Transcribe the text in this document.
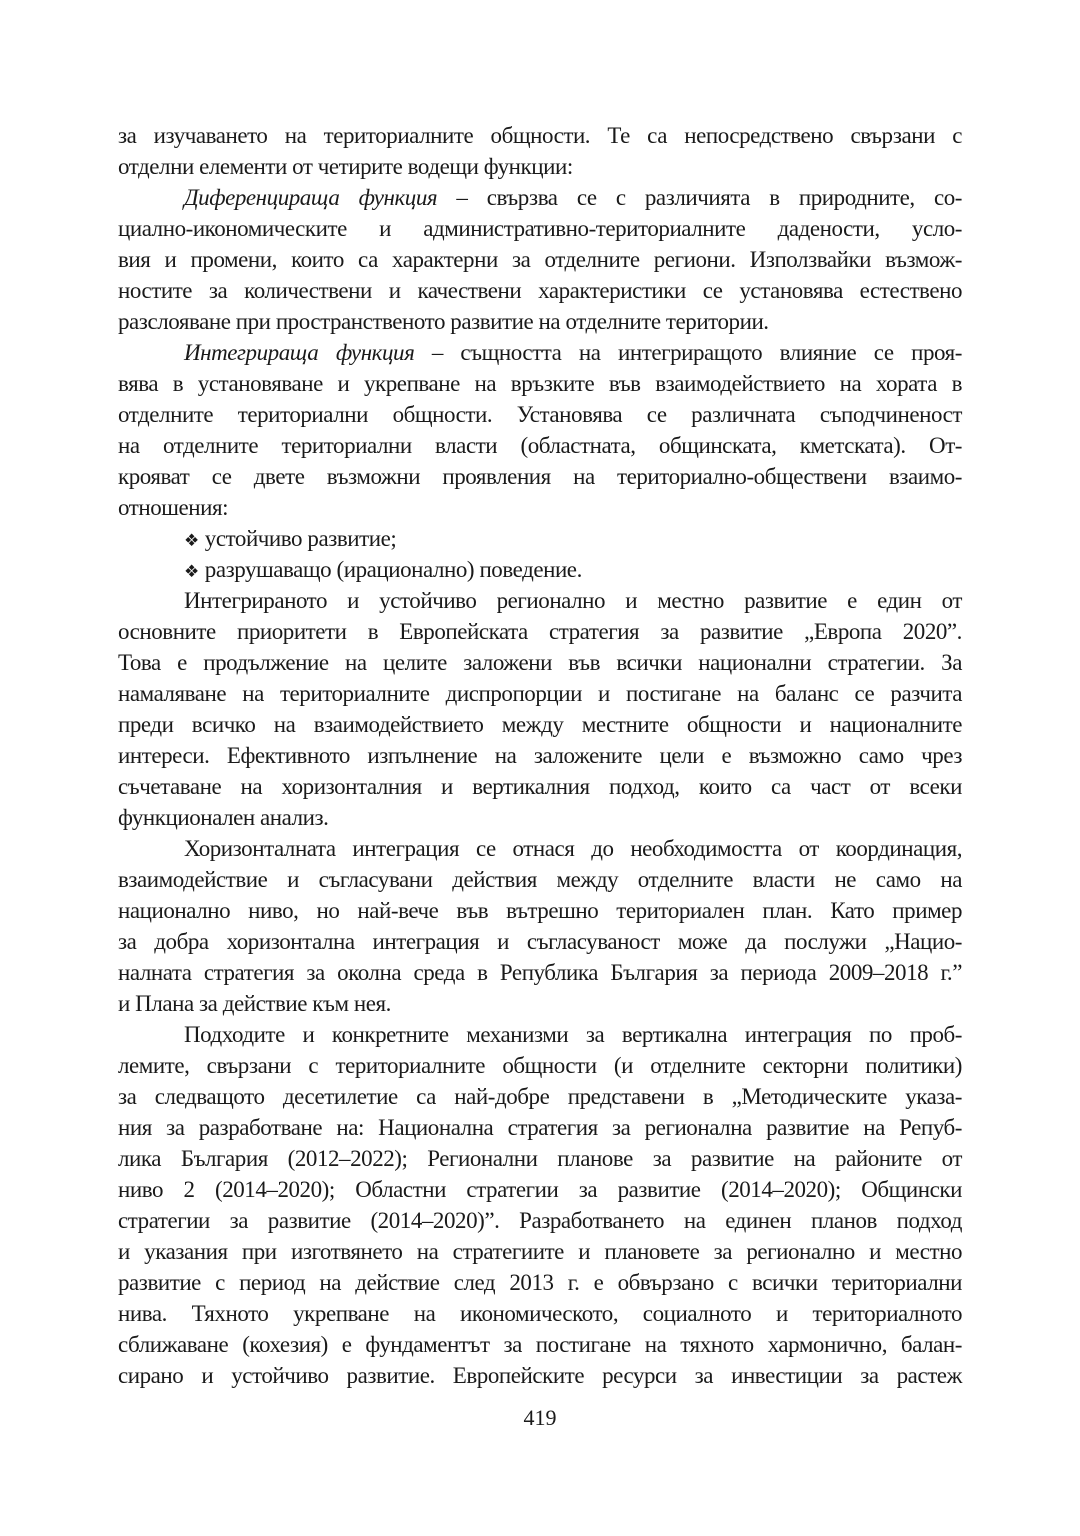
за изучаването на териториалните общности. Те са непосредствено свързани с
отделни елементи от четирите водещи функции:
Диференцираща функция – свързва се с различията в природните, со-
циално-икономическите и административно-териториалните дадености, усло-
вия и промени, които са характерни за отделните региони. Използвайки възмож-
ностите за количествени и качествени характеристики се установява естествено
разслояване при пространственото развитие на отделните територии.
Интегрираща функция – същността на интегриращото влияние се проя-
вява в установяване и укрепване на връзките във взаимодействието на хората в
отделните териториални общности. Установява се различната съподчиненост
на отделните териториални власти (областната, общинската, кметската). От-
крояват се двете възможни проявления на териториално-обществени взаимо-
отношения:
❖ устойчиво развитие;
❖ разрушаващо (ирационално) поведение.
Интегрираното и устойчиво регионално и местно развитие е един от
основните приоритети в Европейската стратегия за развитие „Европа 2020”.
Това е продължение на целите заложени във всички национални стратегии. За
намаляване на териториалните диспропорции и постигане на баланс се разчита
преди всичко на взаимодействието между местните общности и националните
интереси. Ефективното изпълнение на заложените цели е възможно само чрез
съчетаване на хоризонталния и вертикалния подход, които са част от всеки
функционален анализ.
Хоризонталната интеграция се отнася до необходимостта от координация,
взаимодействие и съгласувани действия между отделните власти не само на
национално ниво, но най-вече във вътрешно териториален план. Като пример
за добра хоризонтална интеграция и съгласуваност може да послужи „Нацио-
налната стратегия за околна среда в Република България за периода 2009–2018 г.”
и Плана за действие към нея.
Подходите и конкретните механизми за вертикална интеграция по проб-
лемите, свързани с териториалните общности (и отделните секторни политики)
за следващото десетилетие са най-добре представени в „Методическите указа-
ния за разработване на: Национална стратегия за регионална развитие на Репуб-
лика България (2012–2022); Регионални планове за развитие на районите от
ниво 2 (2014–2020); Областни стратегии за развитие (2014–2020); Общински
стратегии за развитие (2014–2020)”. Разработването на единен планов подход
и указания при изготвянето на стратегиите и плановете за регионално и местно
развитие с период на действие след 2013 г. е обвързано с всички териториални
нива. Тяхното укрепване на икономическото, социалното и териториалното
сближаване (кохезия) е фундаментът за постигане на тяхното хармонично, балан-
сирано и устойчиво развитие. Европейските ресурси за инвестиции за растеж
419
